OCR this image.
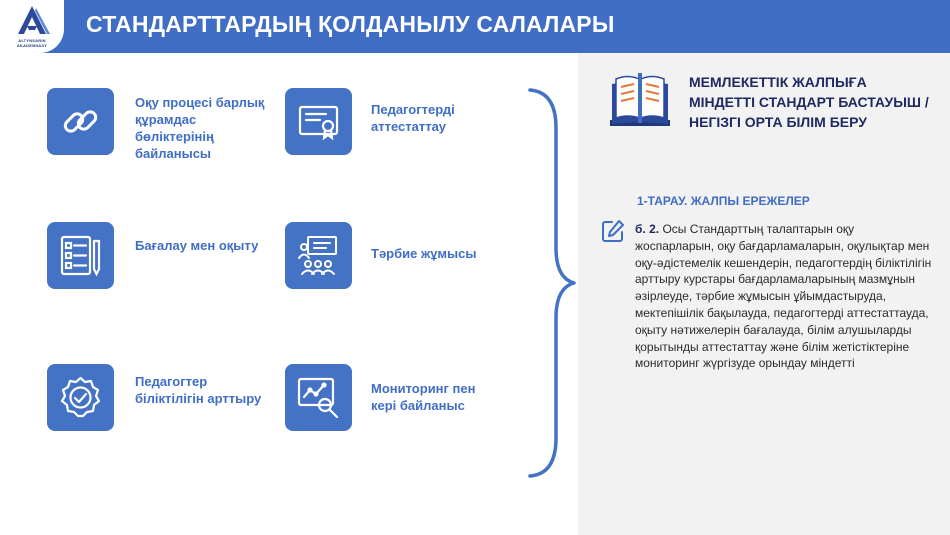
ALTYNSARIN AKADEMIIASY
СТАНДАРТТАРДЫҢ ҚОЛДАНЫЛУ САЛАЛАРЫ
Оқу процесі барлық құрамдас бөліктерінің байланысы
Педагогтерді аттестаттау
Бағалау мен оқыту
Тәрбие жұмысы
Педагогтер біліктілігін арттыру
Мониторинг пен кері байланыс
МЕМЛЕКЕТТІК ЖАЛПЫҒА МІНДЕТТІ СТАНДАРТ БАСТАУЫШ / НЕГІЗГІ ОРТА БІЛІМ БЕРУ
1-ТАРАУ. ЖАЛПЫ ЕРЕЖЕЛЕР
б. 2. Осы Стандарттың талаптарын оқу жоспарларын, оқу бағдарламаларын, оқулықтар мен оқу-әдістемелік кешендерін, педагогтердің біліктілігін арттыру курстары бағдарламаларының мазмұнын әзірлеуде, тәрбие жұмысын ұйымдастыруда, мектепішілік бақылауда, педагогтерді аттестаттауда, оқыту нәтижелерін бағалауда, білім алушыларды қорытынды аттестаттау және білім жетістіктеріне мониторинг жүргізуде орындау міндетті
